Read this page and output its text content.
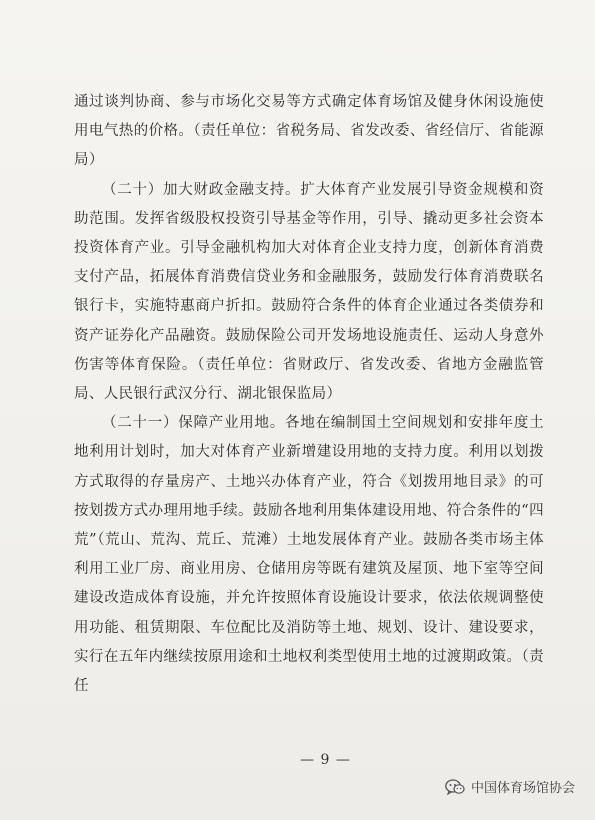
通过谈判协商、参与市场化交易等方式确定体育场馆及健身休闲设施使用电气热的价格。（责任单位：省税务局、省发改委、省经信厅、省能源局）

（二十）加大财政金融支持。扩大体育产业发展引导资金规模和资助范围。发挥省级股权投资引导基金等作用，引导、撬动更多社会资本投资体育产业。引导金融机构加大对体育企业支持力度，创新体育消费支付产品，拓展体育消费信贷业务和金融服务，鼓励发行体育消费联名银行卡，实施特惠商户折扣。鼓励符合条件的体育企业通过各类债券和资产证券化产品融资。鼓励保险公司开发场地设施责任、运动人身意外伤害等体育保险。（责任单位：省财政厅、省发改委、省地方金融监管局、人民银行武汉分行、湖北银保监局）

（二十一）保障产业用地。各地在编制国土空间规划和安排年度土地利用计划时，加大对体育产业新增建设用地的支持力度。利用以划拨方式取得的存量房产、土地兴办体育产业，符合《划拨用地目录》的可按划拨方式办理用地手续。鼓励各地利用集体建设用地、符合条件的“四荒”（荒山、荒沟、荒丘、荒滩）土地发展体育产业。鼓励各类市场主体利用工业厂房、商业用房、仓储用房等既有建筑及屋顶、地下室等空间建设改造成体育设施，并允许按照体育设施设计要求，依法依规调整使用功能、租赁期限、车位配比及消防等土地、规划、设计、建设要求，实行在五年内继续按原用途和土地权利类型使用土地的过渡期政策。（责任

— 9 —
中国体育场馆协会
